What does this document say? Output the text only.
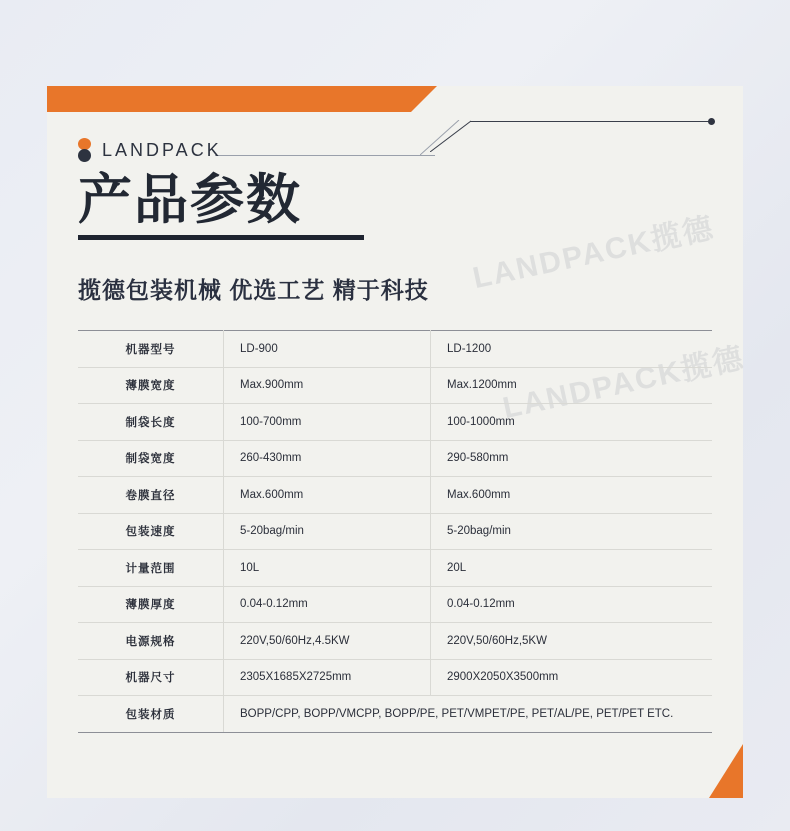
LANDPACK
产品参数
揽德包装机械 优选工艺 精于科技 LANDPACK揽德
LANDPACK揽德
机器型号	LD-900	LD-1200
薄膜宽度	Max.900mm	Max.1200mm
制袋长度	100-700mm	100-1000mm
制袋宽度	260-430mm	290-580mm
卷膜直径	Max.600mm	Max.600mm
包装速度	5-20bag/min	5-20bag/min
计量范围	10L	20L
薄膜厚度	0.04-0.12mm	0.04-0.12mm
电源规格	220V,50/60Hz,4.5KW	220V,50/60Hz,5KW
机器尺寸	2305X1685X2725mm	2900X2050X3500mm
包装材质	BOPP/CPP, BOPP/VMCPP, BOPP/PE, PET/VMPET/PE, PET/AL/PE, PET/PET ETC.	
